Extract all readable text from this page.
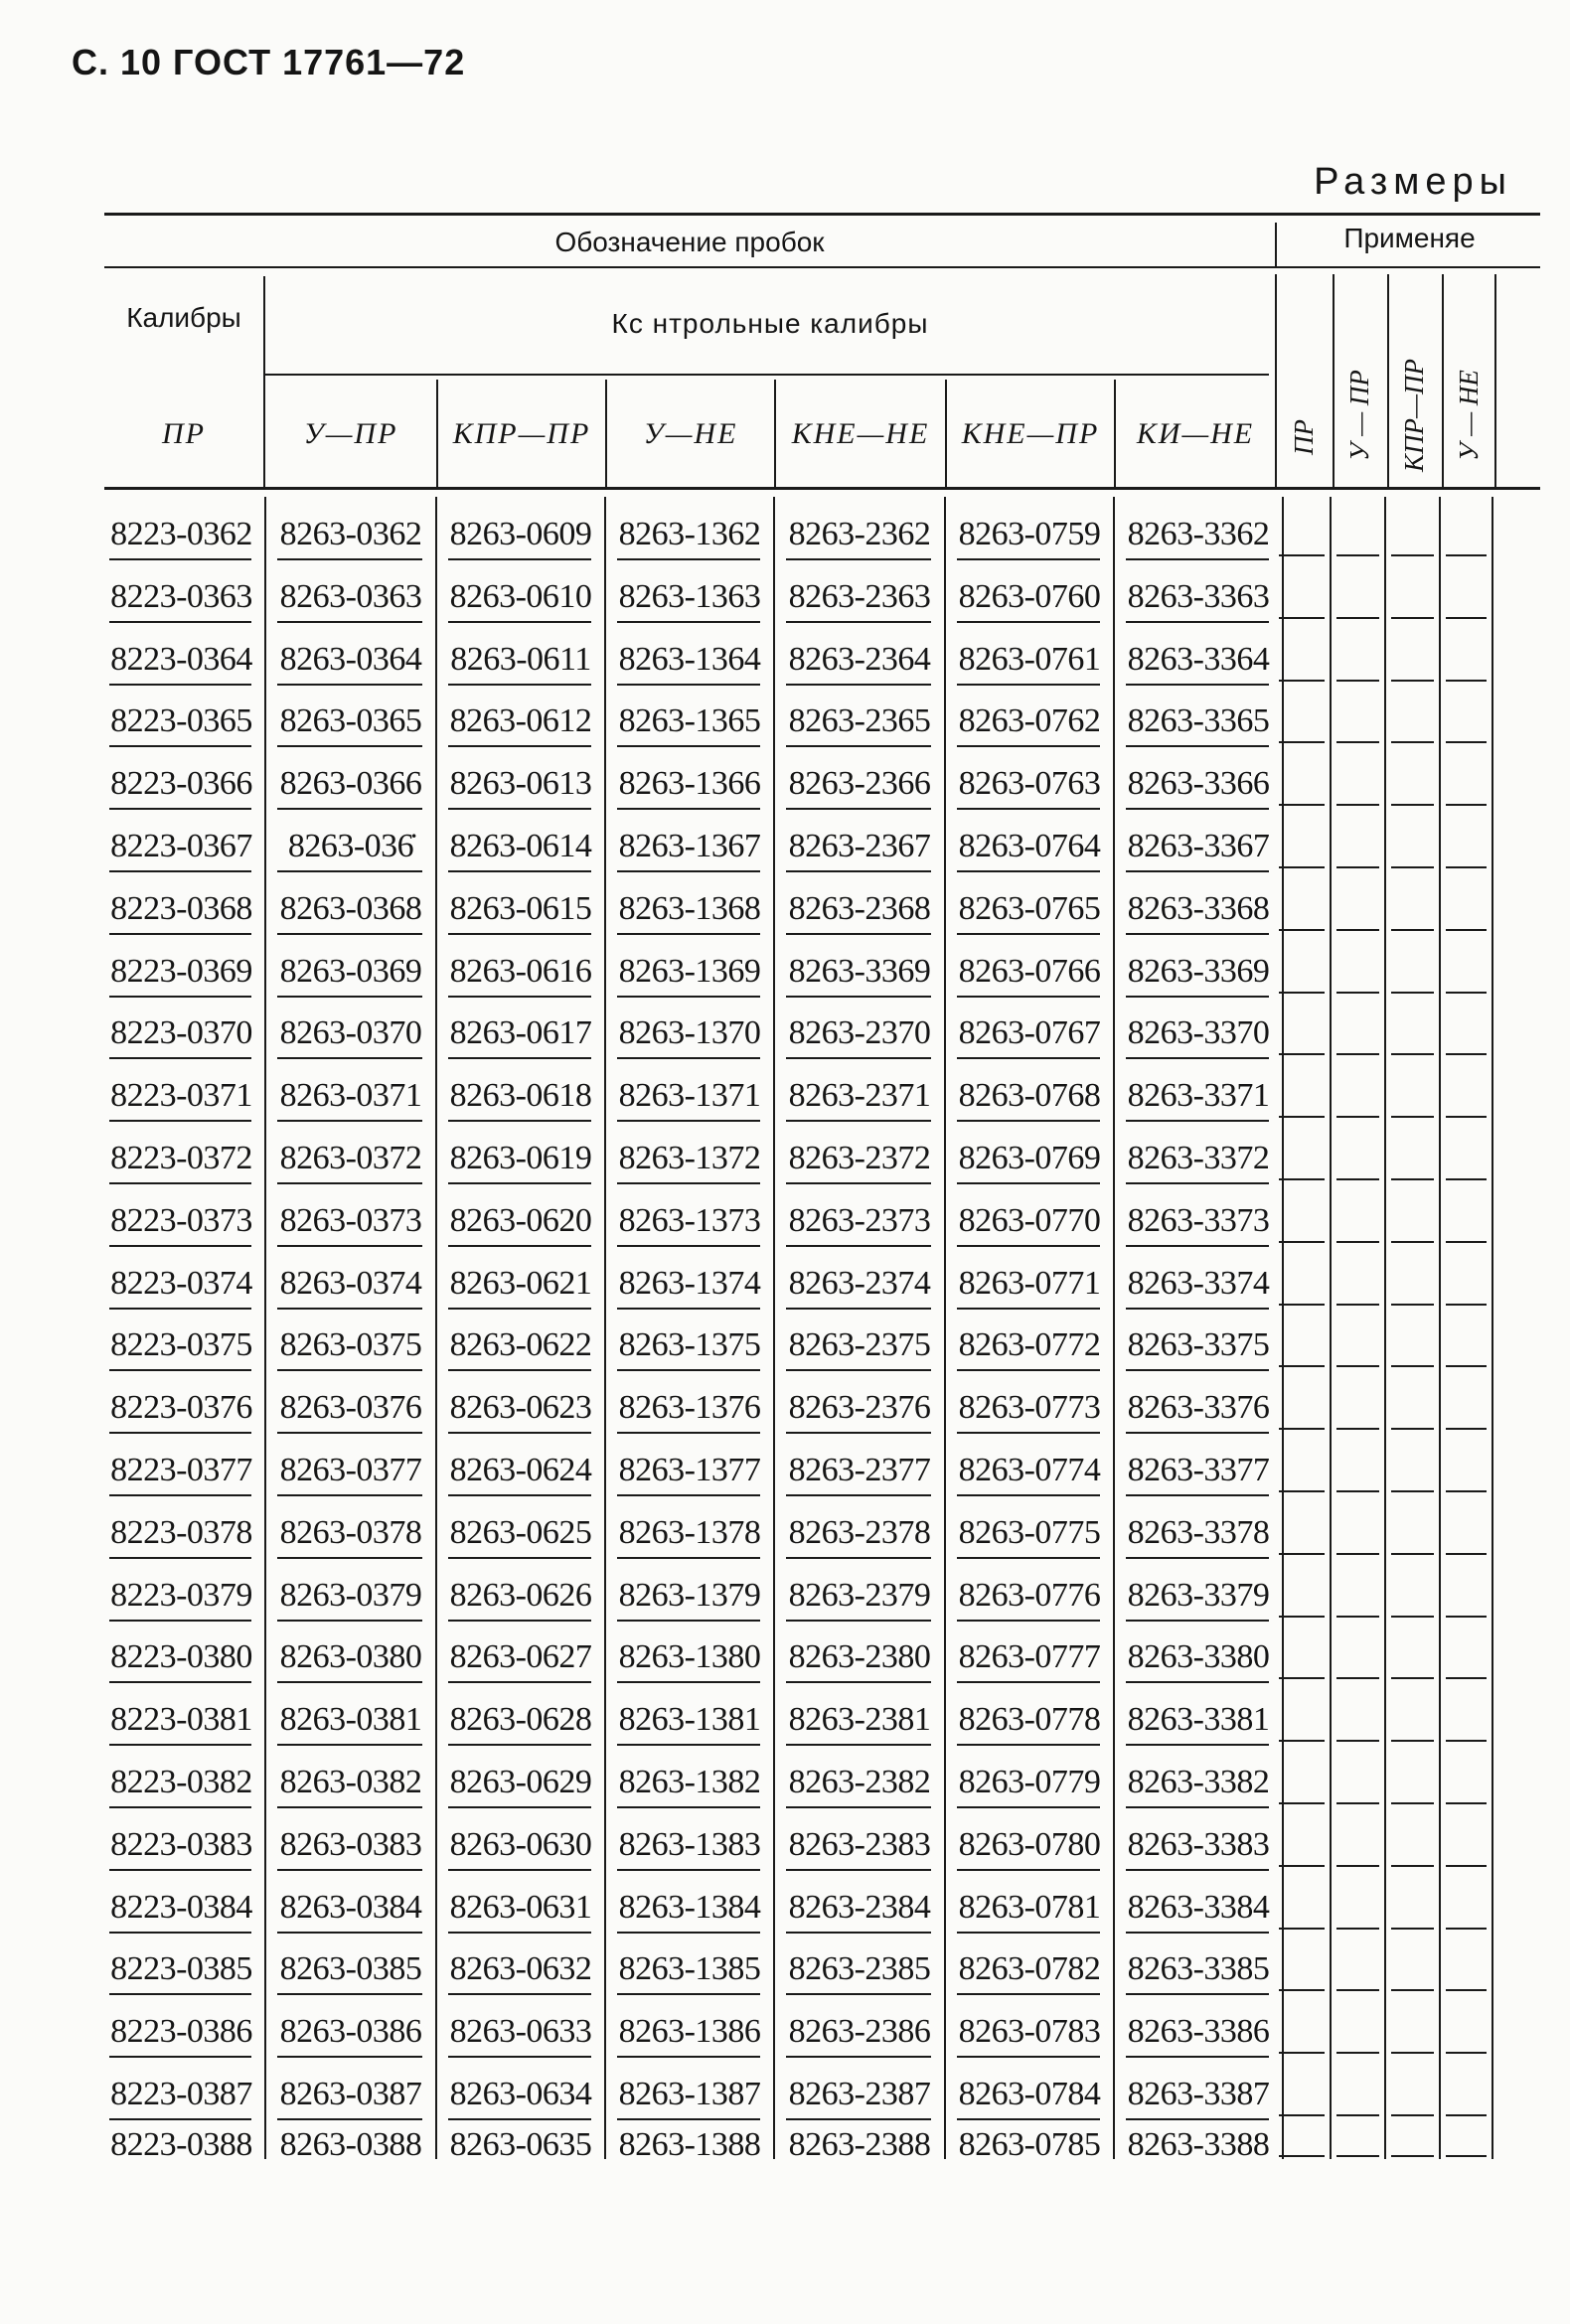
С. 10 ГОСТ 17761—72
Размеры
Обозначение пробок	Применяе
Калибры	Кс нтрольные калибры
ПР	У—ПР	КПР—ПР	У—НЕ	КНЕ—НЕ	КНЕ—ПР	КИ—НЕ	ПР У — ПР КПР—ПР У — НЕ
8223-0362 8263-0362 8263-0609 8263-1362 8263-2362 8263-0759 8263-3362
8223-0363 8263-0363 8263-0610 8263-1363 8263-2363 8263-0760 8263-3363
8223-0364 8263-0364 8263-0611 8263-1364 8263-2364 8263-0761 8263-3364
8223-0365 8263-0365 8263-0612 8263-1365 8263-2365 8263-0762 8263-3365
8223-0366 8263-0366 8263-0613 8263-1366 8263-2366 8263-0763 8263-3366
8223-0367	8263-036̇	8263-0614 8263-1367 8263-2367 8263-0764 8263-3367
8223-0368 8263-0368 8263-0615 8263-1368 8263-2368 8263-0765 8263-3368
8223-0369 8263-0369 8263-0616 8263-1369 8263-3369 8263-0766 8263-3369
8223-0370 8263-0370 8263-0617 8263-1370 8263-2370 8263-0767 8263-3370
8223-0371 8263-0371 8263-0618 8263-1371 8263-2371 8263-0768 8263-3371
8223-0372 8263-0372 8263-0619 8263-1372 8263-2372 8263-0769 8263-3372
8223-0373 8263-0373 8263-0620 8263-1373 8263-2373 8263-0770 8263-3373
8223-0374 8263-0374 8263-0621 8263-1374 8263-2374 8263-0771 8263-3374
8223-0375 8263-0375 8263-0622 8263-1375 8263-2375 8263-0772 8263-3375
8223-0376 8263-0376 8263-0623 8263-1376 8263-2376 8263-0773 8263-3376
8223-0377 8263-0377 8263-0624 8263-1377 8263-2377 8263-0774 8263-3377
8223-0378 8263-0378 8263-0625 8263-1378 8263-2378 8263-0775 8263-3378
8223-0379 8263-0379 8263-0626 8263-1379 8263-2379 8263-0776 8263-3379
8223-0380 8263-0380 8263-0627 8263-1380 8263-2380 8263-0777 8263-3380
8223-0381 8263-0381 8263-0628 8263-1381 8263-2381 8263-0778 8263-3381
8223-0382 8263-0382 8263-0629 8263-1382 8263-2382 8263-0779 8263-3382
8223-0383 8263-0383 8263-0630 8263-1383 8263-2383 8263-0780 8263-3383
8223-0384 8263-0384 8263-0631 8263-1384 8263-2384 8263-0781 8263-3384
8223-0385 8263-0385 8263-0632 8263-1385 8263-2385 8263-0782 8263-3385
8223-0386 8263-0386 8263-0633 8263-1386 8263-2386 8263-0783 8263-3386
8223-0387 8263-0387 8263-0634 8263-1387 8263-2387 8263-0784 8263-3387
8223-0388 8263-0388 8263-0635 8263-1388 8263-2388 8263-0785 8263-3388
